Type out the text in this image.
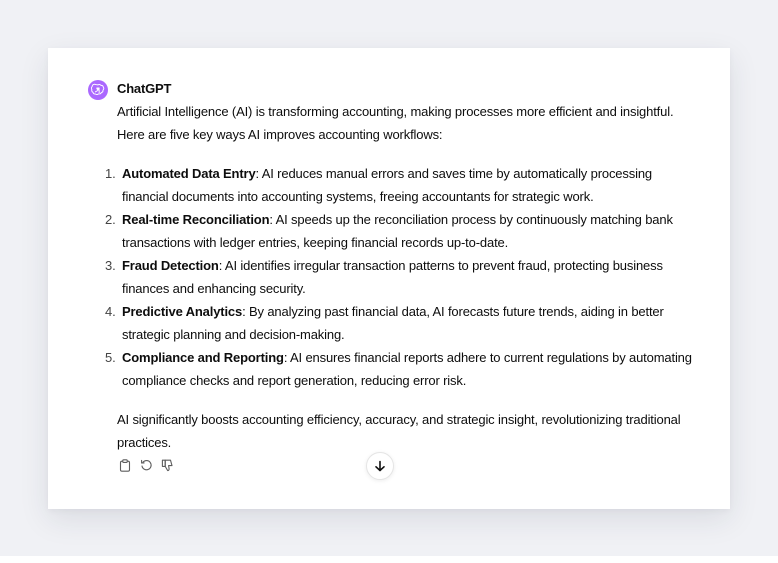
ChatGPT

Artificial Intelligence (AI) is transforming accounting, making processes more efficient and insightful. Here are five key ways AI improves accounting workflows:

1. Automated Data Entry: AI reduces manual errors and saves time by automatically processing financial documents into accounting systems, freeing accountants for strategic work.
2. Real-time Reconciliation: AI speeds up the reconciliation process by continuously matching bank transactions with ledger entries, keeping financial records up-to-date.
3. Fraud Detection: AI identifies irregular transaction patterns to prevent fraud, protecting business finances and enhancing security.
4. Predictive Analytics: By analyzing past financial data, AI forecasts future trends, aiding in better strategic planning and decision-making.
5. Compliance and Reporting: AI ensures financial reports adhere to current regulations by automating compliance checks and report generation, reducing error risk.

AI significantly boosts accounting efficiency, accuracy, and strategic insight, revolutionizing traditional practices.
